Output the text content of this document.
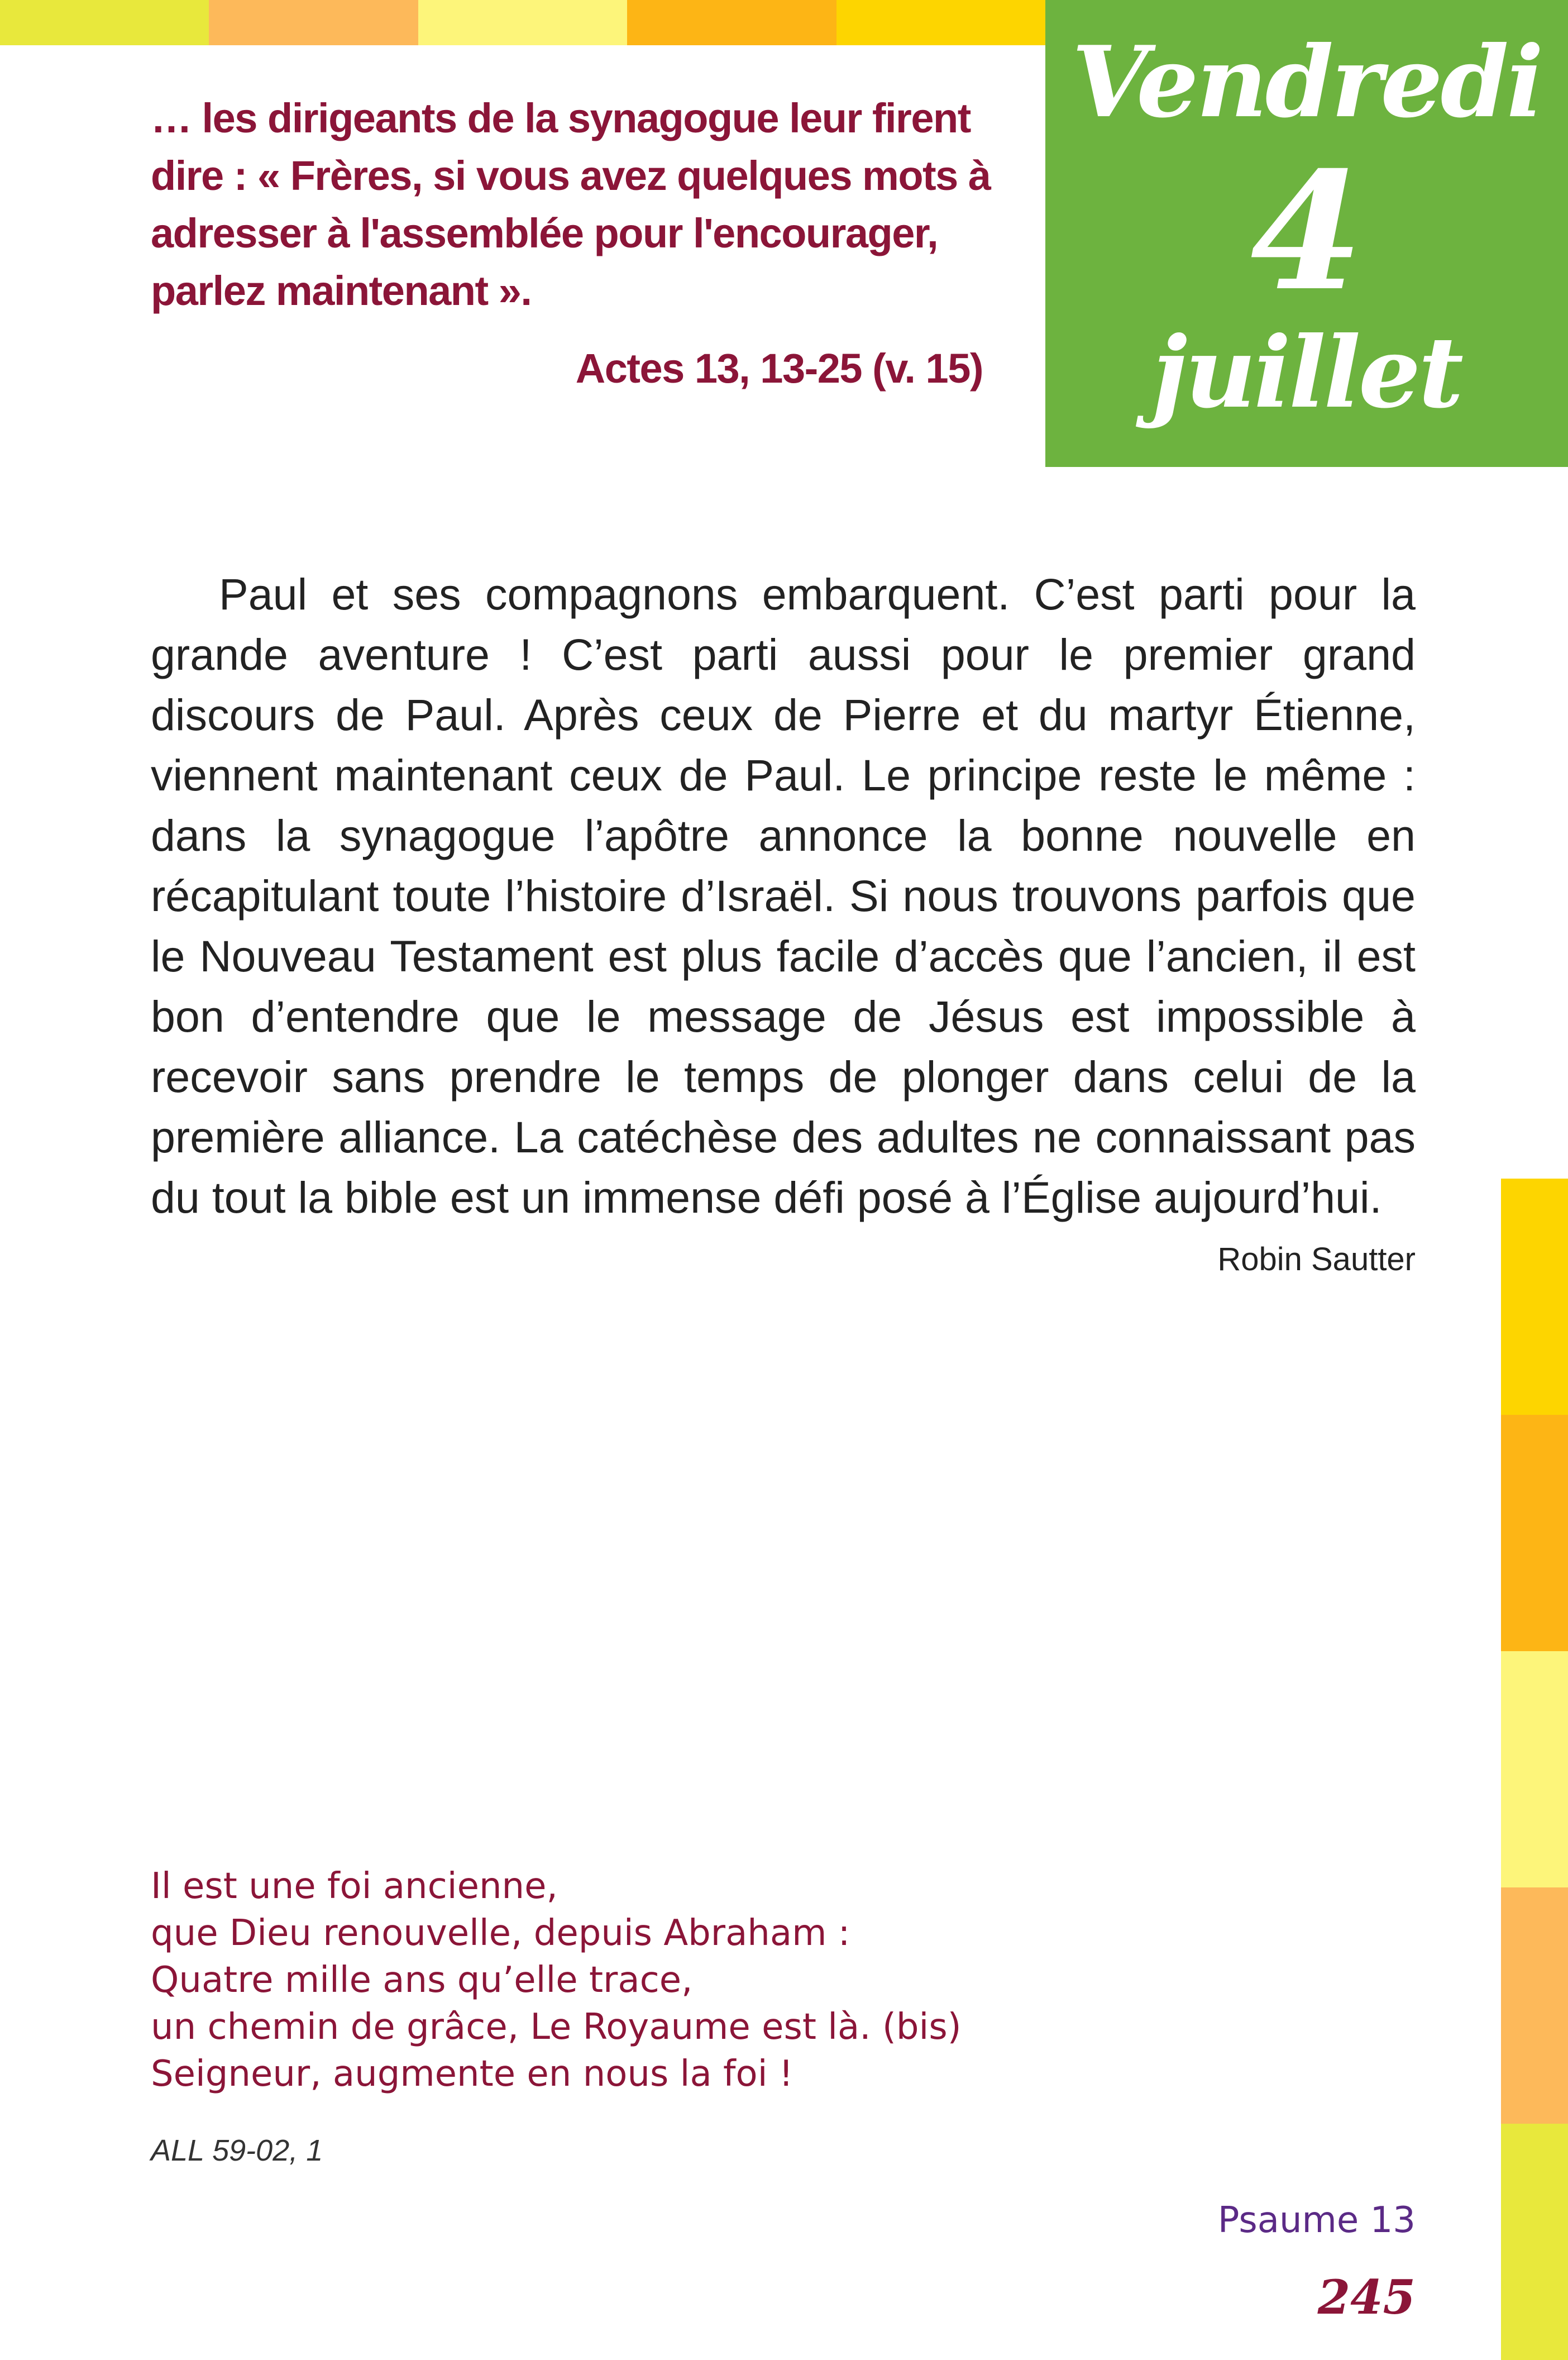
Vendredi
4
juillet
… les dirigeants de la synagogue leur firent dire : « Frères, si vous avez quelques mots à adresser à l'assemblée pour l'encourager, parlez maintenant ».
Actes 13, 13-25 (v. 15)

Paul et ses compagnons embarquent. C’est parti pour la grande aventure ! C’est parti aussi pour le premier grand discours de Paul. Après ceux de Pierre et du martyr Étienne, viennent maintenant ceux de Paul. Le principe reste le même : dans la synagogue l’apôtre annonce la bonne nouvelle en récapitulant toute l’histoire d’Israël. Si nous trouvons parfois que le Nouveau Testament est plus facile d’accès que l’ancien, il est bon d’entendre que le message de Jésus est impossible à recevoir sans prendre le temps de plonger dans celui de la première alliance. La catéchèse des adultes ne connaissant pas du tout la bible est un immense défi posé à l’Église aujourd’hui.

Robin Sautter
Il est une foi ancienne,
que Dieu renouvelle, depuis Abraham :
Quatre mille ans qu’elle trace,
un chemin de grâce, Le Royaume est là. (bis)
Seigneur, augmente en nous la foi !
ALL 59-02, 1
Psaume 13
245
